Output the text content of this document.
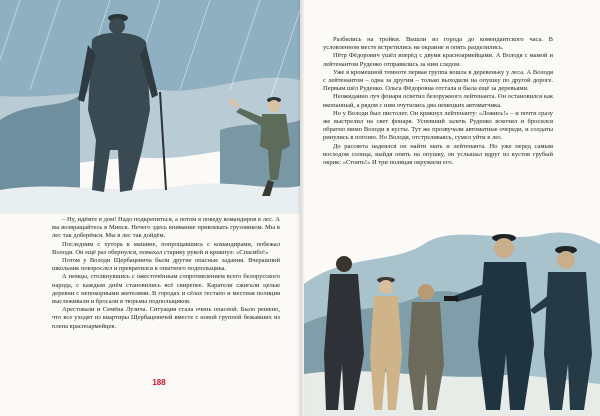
Разбились на тройки. Вышли из города до комендантского часа. В условленном месте встретились на окраине и опять разделились.

Пётр Фёдорович ушёл вперёд с двумя красноармейцами. А Володя с мамой и лейтенантом Руденко отправились за ним следом.

Уже в кромешной темноте первая группа вошла в деревеньку у леса. А Володя с лейтенантом – одна за другим – только выходили на опушку по другой дороге. Первым шёл Руденко. Ольга Фёдоровна отстала и была ещё за деревьями.

Неожиданно луч фонаря осветил безоружного лейтенанта. Он остановился как вкопанный, а рядом с ним очутились два немецких автоматчика.

Но у Володи был пистолет. Он крикнул лейтенанту: «Ложись!» – и почти сразу же выстрелил на свет фонаря. Успевший залечь Руденко вскочил и бросился обратно мимо Володи в кусты. Тут же прозвучали автоматные очереди, и солдаты ринулись в погоню. Но Володя, отстреливаясь, сумел уйти в лес.

До рассвета надеялся он найти мать и лейтенанта. Но уже перед самым восходом солнца, выйдя опять на опушку, он услышал вдруг из кустов грубый окрик: «Стоять!» И три полицая окружили его.

– Ну, идёмте в дом! Надо подкрепиться, а потом я поведу командиров в лес. А вы возвращайтесь в Минск. Нечего здесь внимание привлекать грузовиком. Мы в лес так доберёмся. Мы в лес так дойдём.

Последним с хутора к машине, попрощавшись с командирами, побежал Володя. Он ещё раз обернулся, помахал старику рукой и крикнул: «Спасибо!»

Потом у Володи Щербацевича были другие опасные задания. Вчерашний школьник повзрослел и превратился в опытного подпольщика.

А немцы, столкнувшись с ожесточённым сопротивлением всего белорусского народа, с каждым днём становились всё свирепее. Каратели сжигали целые деревни с непокорными жителями. В городах и сёлах гестапо и местная полиция выслеживали и бросали в тюрьмы подпольщиков.

Арестовали и Семёна Лузича. Ситуация стала очень опасной. Было решено, что все уходят из квартиры Щербацевичей вместе с новой группой бежавших из плена красноармейцев.

188
